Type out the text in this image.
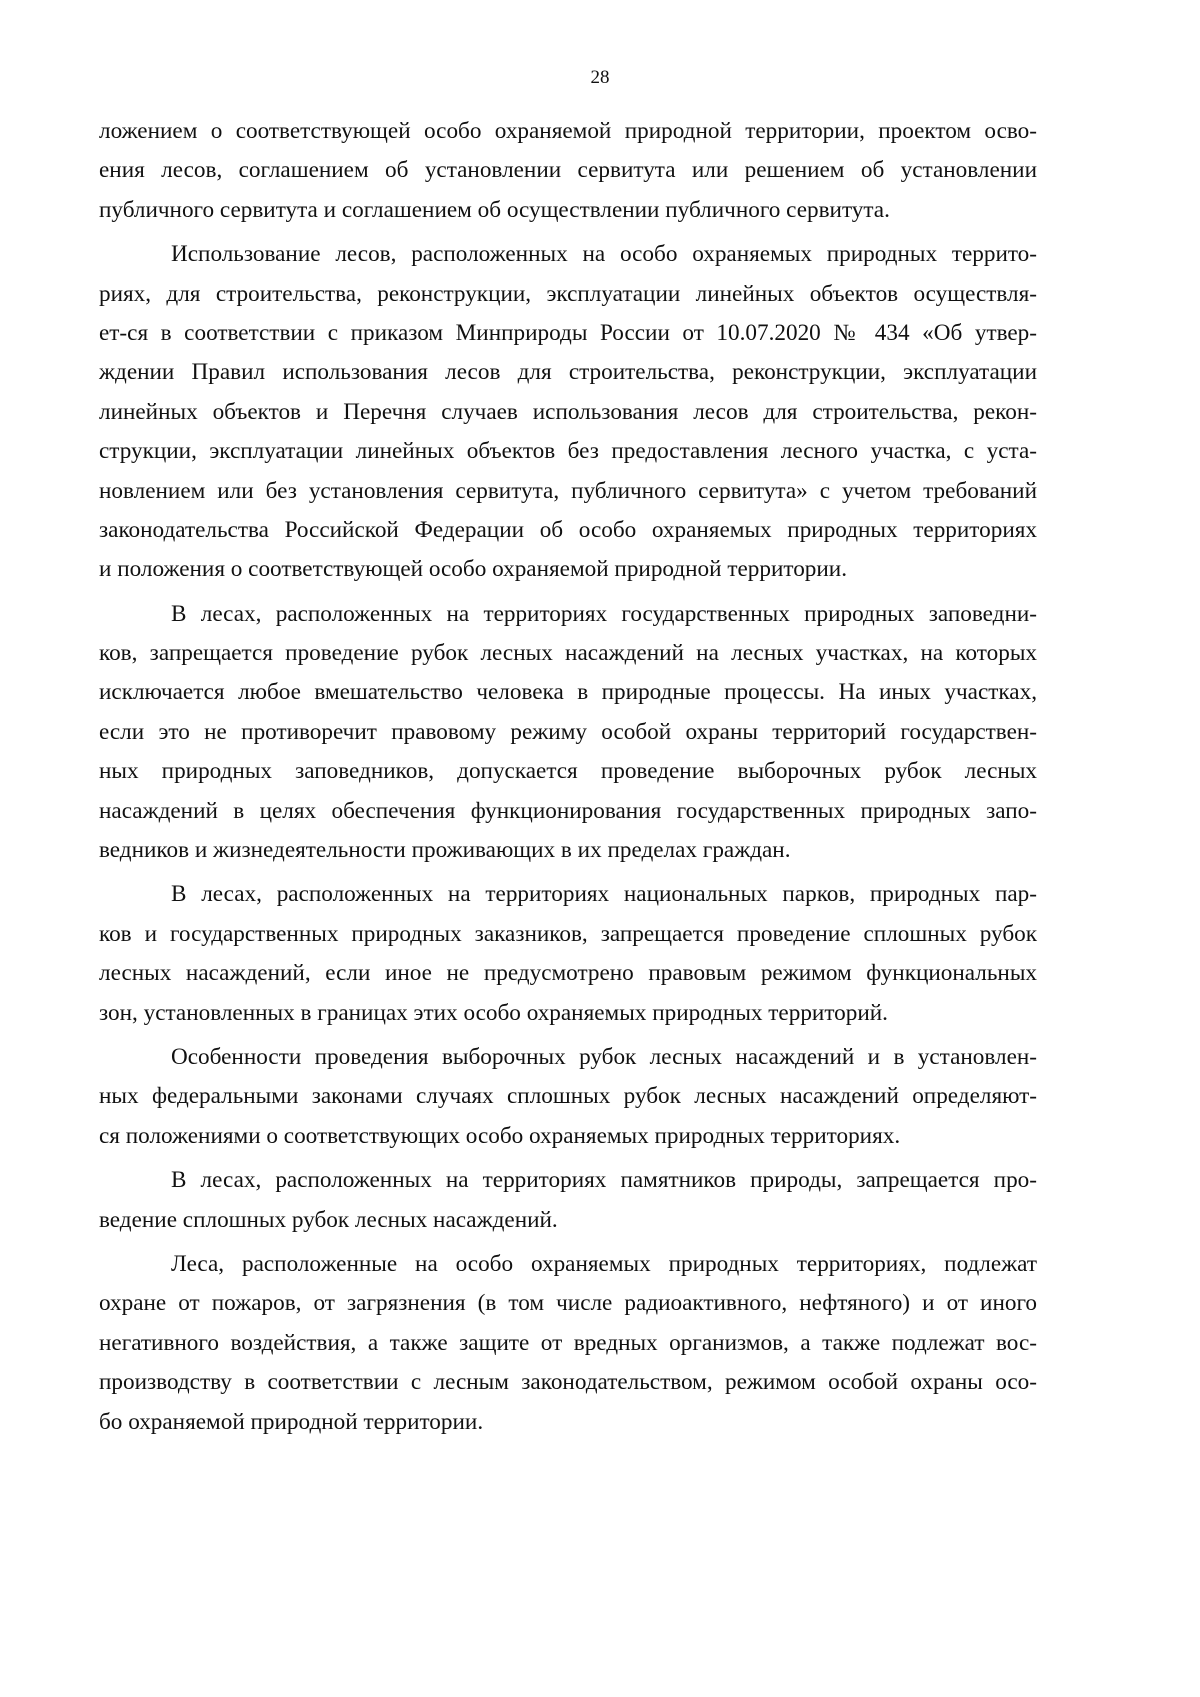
28
ложением о соответствующей особо охраняемой природной территории, проектом осво-
ения лесов, соглашением об установлении сервитута или решением об установлении
публичного сервитута и соглашением об осуществлении публичного сервитута.
Использование лесов, расположенных на особо охраняемых природных террито-
риях, для строительства, реконструкции, эксплуатации линейных объектов осуществля-
ет-ся в соответствии с приказом Минприроды России от 10.07.2020 № 434 «Об утвер-
ждении Правил использования лесов для строительства, реконструкции, эксплуатации
линейных объектов и Перечня случаев использования лесов для строительства, рекон-
струкции, эксплуатации линейных объектов без предоставления лесного участка, с уста-
новлением или без установления сервитута, публичного сервитута» с учетом требований
законодательства Российской Федерации об особо охраняемых природных территориях
и положения о соответствующей особо охраняемой природной территории.
В лесах, расположенных на территориях государственных природных заповедни-
ков, запрещается проведение рубок лесных насаждений на лесных участках, на которых
исключается любое вмешательство человека в природные процессы. На иных участках,
если это не противоречит правовому режиму особой охраны территорий государствен-
ных природных заповедников, допускается проведение выборочных рубок лесных
насаждений в целях обеспечения функционирования государственных природных запо-
ведников и жизнедеятельности проживающих в их пределах граждан.
В лесах, расположенных на территориях национальных парков, природных пар-
ков и государственных природных заказников, запрещается проведение сплошных рубок
лесных насаждений, если иное не предусмотрено правовым режимом функциональных
зон, установленных в границах этих особо охраняемых природных территорий.
Особенности проведения выборочных рубок лесных насаждений и в установлен-
ных федеральными законами случаях сплошных рубок лесных насаждений определяют-
ся положениями о соответствующих особо охраняемых природных территориях.
В лесах, расположенных на территориях памятников природы, запрещается про-
ведение сплошных рубок лесных насаждений.
Леса, расположенные на особо охраняемых природных территориях, подлежат
охране от пожаров, от загрязнения (в том числе радиоактивного, нефтяного) и от иного
негативного воздействия, а также защите от вредных организмов, а также подлежат вос-
производству в соответствии с лесным законодательством, режимом особой охраны осо-
бо охраняемой природной территории.
